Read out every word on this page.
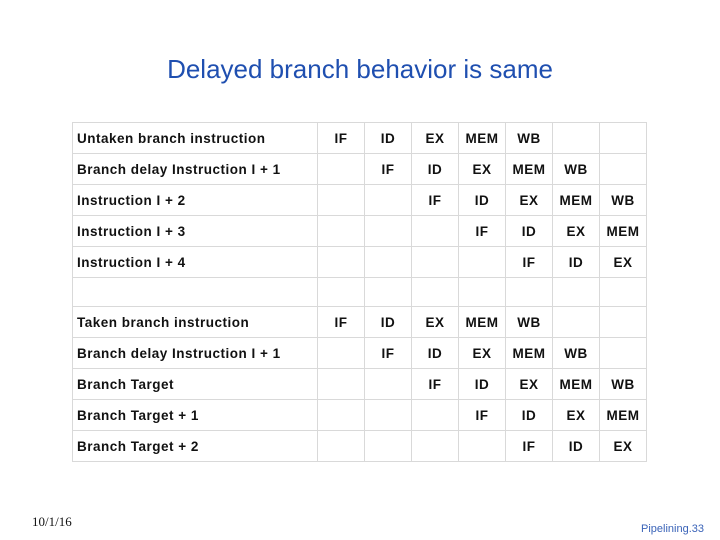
Delayed branch behavior is same
Untaken branch instruction	IF	ID	EX	MEM	WB		
Branch delay Instruction I + 1		IF	ID	EX	MEM	WB	
Instruction I + 2			IF	ID	EX	MEM	WB
Instruction I + 3				IF	ID	EX	MEM
Instruction I + 4					IF	ID	EX

Taken branch instruction	IF	ID	EX	MEM	WB		
Branch delay Instruction I + 1		IF	ID	EX	MEM	WB	
Branch Target			IF	ID	EX	MEM	WB
Branch Target + 1				IF	ID	EX	MEM
Branch Target + 2					IF	ID	EX
10/1/16	Pipelining.33
